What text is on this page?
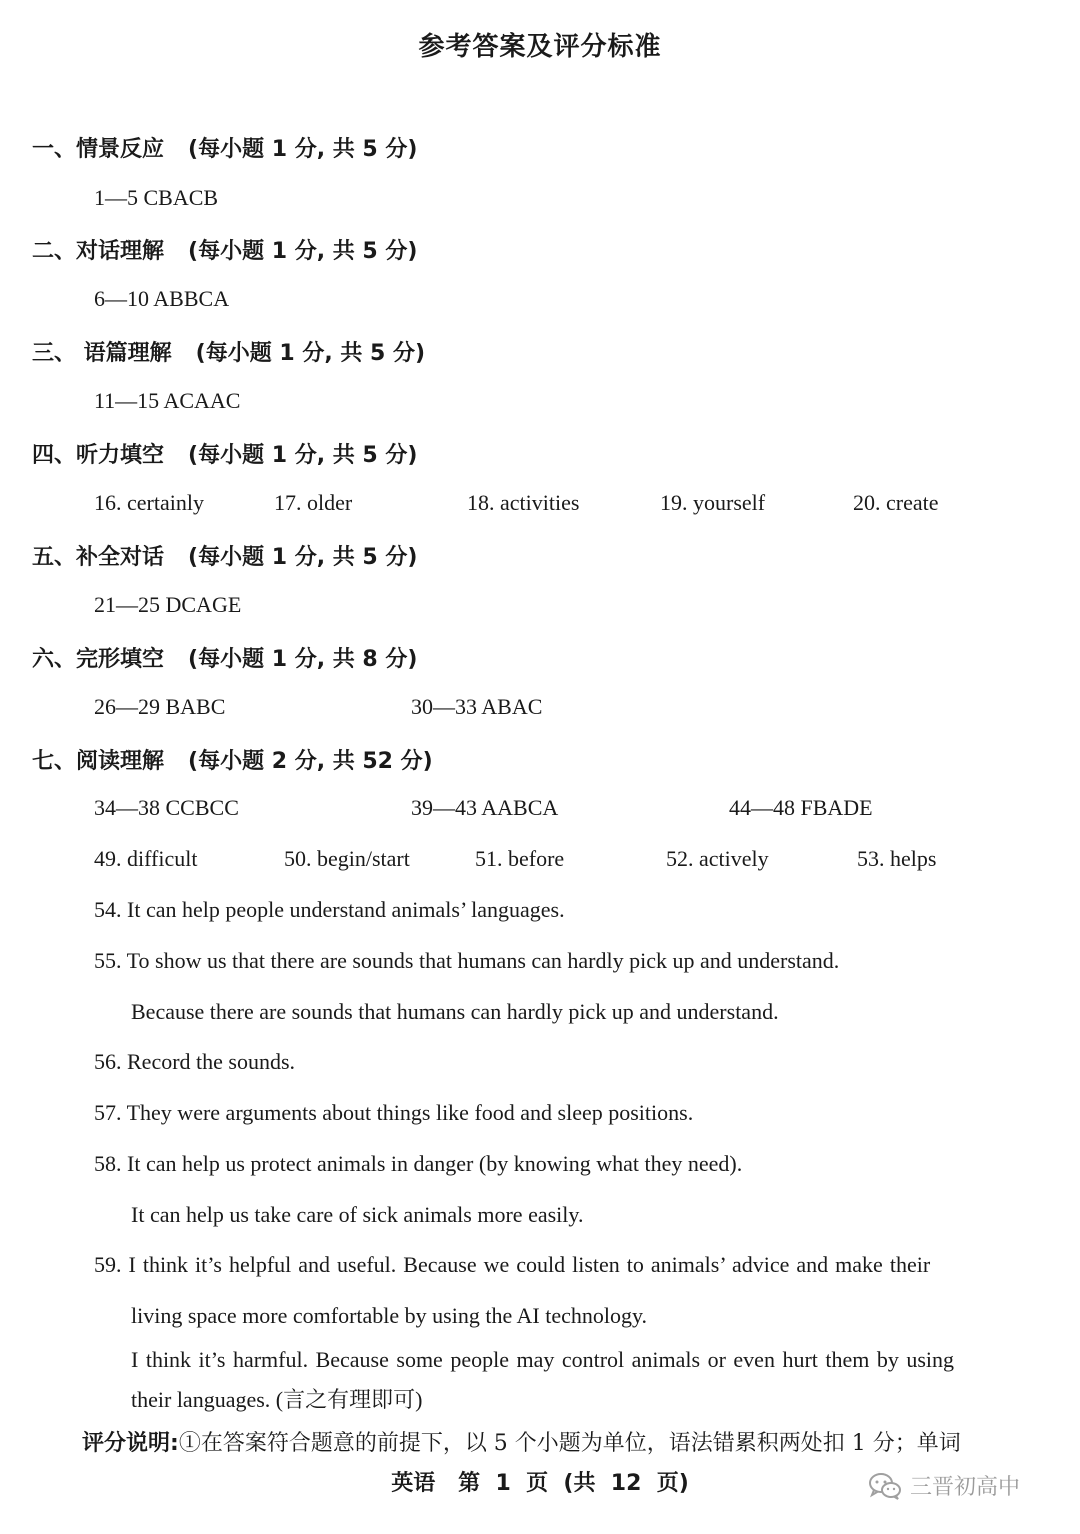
参考答案及评分标准
一、情景反应 (每小题 1 分, 共 5 分)
1—5 CBACB
二、对话理解 (每小题 1 分, 共 5 分)
6—10 ABBCA
三、 语篇理解 (每小题 1 分, 共 5 分)
11—15 ACAAC
四、听力填空 (每小题 1 分, 共 5 分)
16. certainly	17. older	18. activities	19. yourself	20. create
五、补全对话 (每小题 1 分, 共 5 分)
21—25 DCAGE
六、完形填空 (每小题 1 分, 共 8 分)
26—29 BABC	30—33 ABAC
七、阅读理解 (每小题 2 分, 共 52 分)
34—38 CCBCC	39—43 AABCA	44—48 FBADE
49. difficult	50. begin/start	51. before	52. actively	53. helps
54. It can help people understand animals’ languages.
55. To show us that there are sounds that humans can hardly pick up and understand.
Because there are sounds that humans can hardly pick up and understand.
56. Record the sounds.
57. They were arguments about things like food and sleep positions.
58. It can help us protect animals in danger (by knowing what they need).
It can help us take care of sick animals more easily.
59. I think it’s helpful and useful. Because we could listen to animals’ advice and make their
living space more comfortable by using the AI technology.
I think it’s harmful. Because some people may control animals or even hurt them by using
their languages. (言之有理即可)
评分说明:①在答案符合题意的前提下，以 5 个小题为单位，语法错累积两处扣 1 分；单词
英语   第  1  页  (共  12  页)	三晋初高中
